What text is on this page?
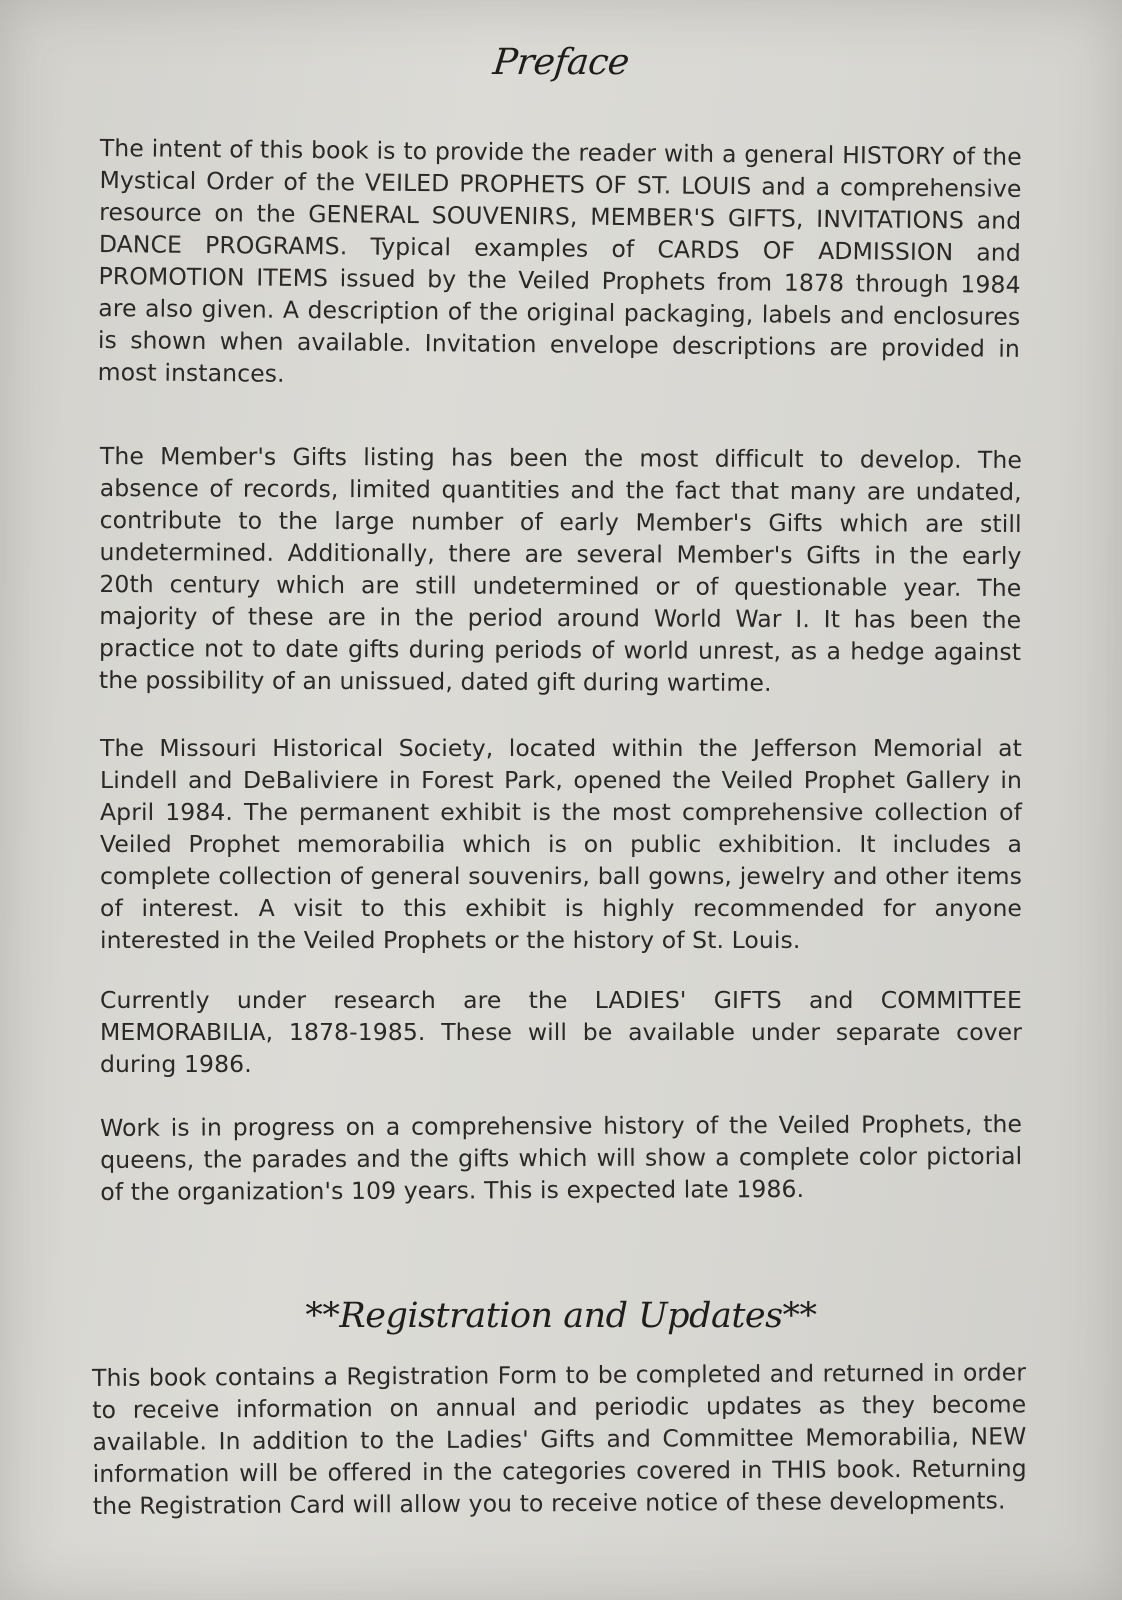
Preface

The intent of this book is to provide the reader with a general HISTORY of the Mystical Order of the VEILED PROPHETS OF ST. LOUIS and a comprehensive resource on the GENERAL SOUVENIRS, MEMBER'S GIFTS, INVITATIONS and DANCE PROGRAMS. Typical examples of CARDS OF ADMISSION and PROMOTION ITEMS issued by the Veiled Prophets from 1878 through 1984 are also given. A description of the original packaging, labels and enclosures is shown when available. Invitation envelope descriptions are provided in most instances.

The Member's Gifts listing has been the most difficult to develop. The absence of records, limited quantities and the fact that many are undated, contribute to the large number of early Member's Gifts which are still undetermined. Additionally, there are several Member's Gifts in the early 20th century which are still undetermined or of questionable year. The majority of these are in the period around World War I. It has been the practice not to date gifts during periods of world unrest, as a hedge against the possibility of an unissued, dated gift during wartime.

The Missouri Historical Society, located within the Jefferson Memorial at Lindell and DeBaliviere in Forest Park, opened the Veiled Prophet Gallery in April 1984. The permanent exhibit is the most comprehensive collection of Veiled Prophet memorabilia which is on public exhibition. It includes a complete collection of general souvenirs, ball gowns, jewelry and other items of interest. A visit to this exhibit is highly recommended for anyone interested in the Veiled Prophets or the history of St. Louis.

Currently under research are the LADIES' GIFTS and COMMITTEE MEMORABILIA, 1878-1985. These will be available under separate cover during 1986.

Work is in progress on a comprehensive history of the Veiled Prophets, the queens, the parades and the gifts which will show a complete color pictorial of the organization's 109 years. This is expected late 1986.

**Registration and Updates**

This book contains a Registration Form to be completed and returned in order to receive information on annual and periodic updates as they become available. In addition to the Ladies' Gifts and Committee Memorabilia, NEW information will be offered in the categories covered in THIS book. Returning the Registration Card will allow you to receive notice of these developments.
